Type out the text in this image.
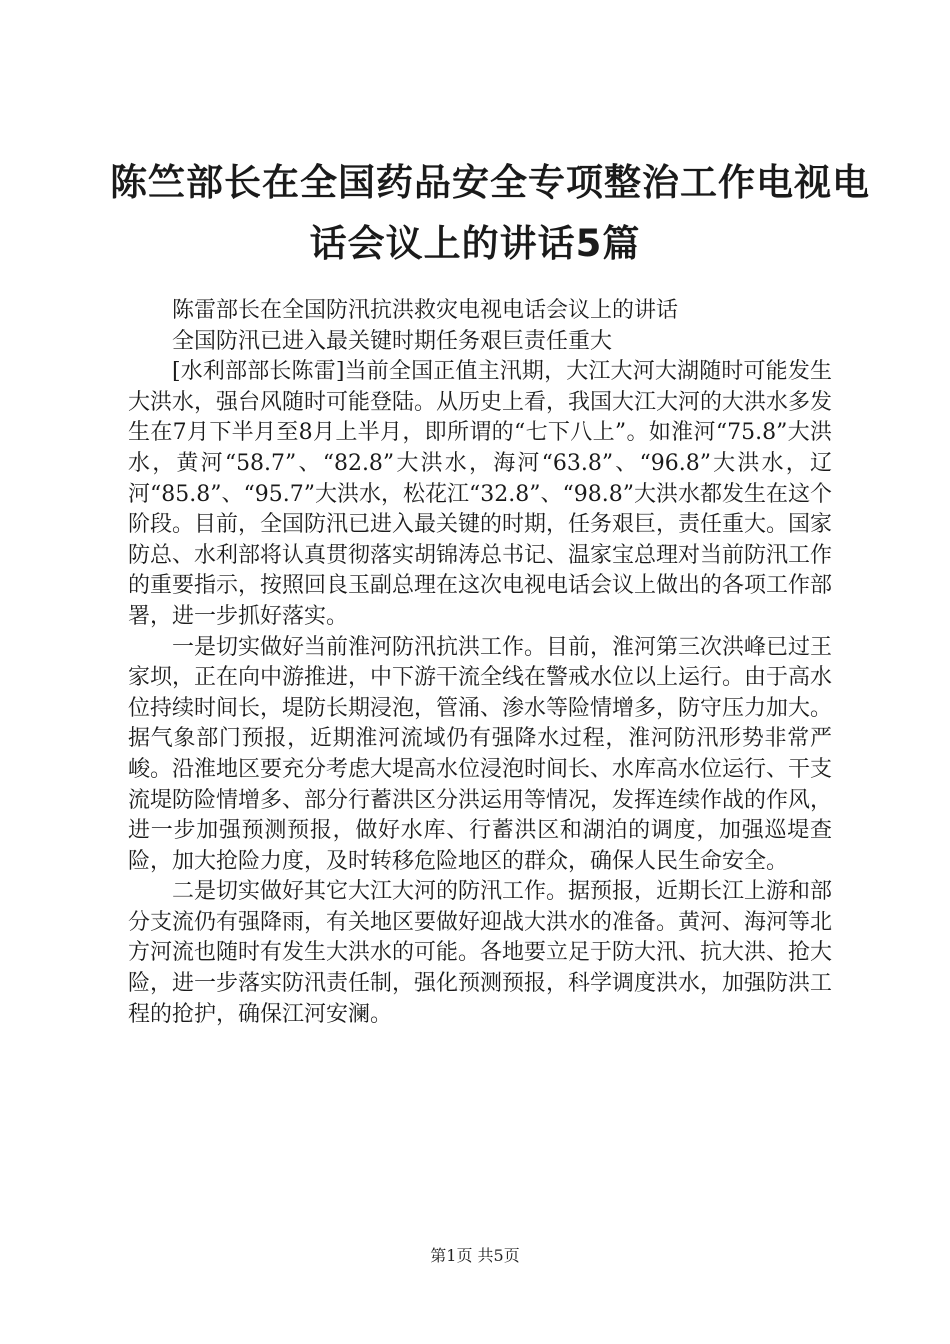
陈竺部长在全国药品安全专项整治工作电视电
话会议上的讲话5篇

陈雷部长在全国防汛抗洪救灾电视电话会议上的讲话

全国防汛已进入最关键时期任务艰巨责任重大

[水利部部长陈雷]当前全国正值主汛期，大江大河大湖随时可能发生大洪水，强台风随时可能登陆。从历史上看，我国大江大河的大洪水多发生在7月下半月至8月上半月，即所谓的“七下八上”。如淮河“75.8”大洪水，黄河“58.7”、“82.8”大洪水，海河“63.8”、“96.8”大洪水，辽河“85.8”、“95.7”大洪水，松花江“32.8”、“98.8”大洪水都发生在这个阶段。目前，全国防汛已进入最关键的时期，任务艰巨，责任重大。国家防总、水利部将认真贯彻落实胡锦涛总书记、温家宝总理对当前防汛工作的重要指示，按照回良玉副总理在这次电视电话会议上做出的各项工作部署，进一步抓好落实。

一是切实做好当前淮河防汛抗洪工作。目前，淮河第三次洪峰已过王家坝，正在向中游推进，中下游干流全线在警戒水位以上运行。由于高水位持续时间长，堤防长期浸泡，管涌、渗水等险情增多，防守压力加大。据气象部门预报，近期淮河流域仍有强降水过程，淮河防汛形势非常严峻。沿淮地区要充分考虑大堤高水位浸泡时间长、水库高水位运行、干支流堤防险情增多、部分行蓄洪区分洪运用等情况，发挥连续作战的作风，进一步加强预测预报，做好水库、行蓄洪区和湖泊的调度，加强巡堤查险，加大抢险力度，及时转移危险地区的群众，确保人民生命安全。

二是切实做好其它大江大河的防汛工作。据预报，近期长江上游和部分支流仍有强降雨，有关地区要做好迎战大洪水的准备。黄河、海河等北方河流也随时有发生大洪水的可能。各地要立足于防大汛、抗大洪、抢大险，进一步落实防汛责任制，强化预测预报，科学调度洪水，加强防洪工程的抢护，确保江河安澜。

第1页 共5页
